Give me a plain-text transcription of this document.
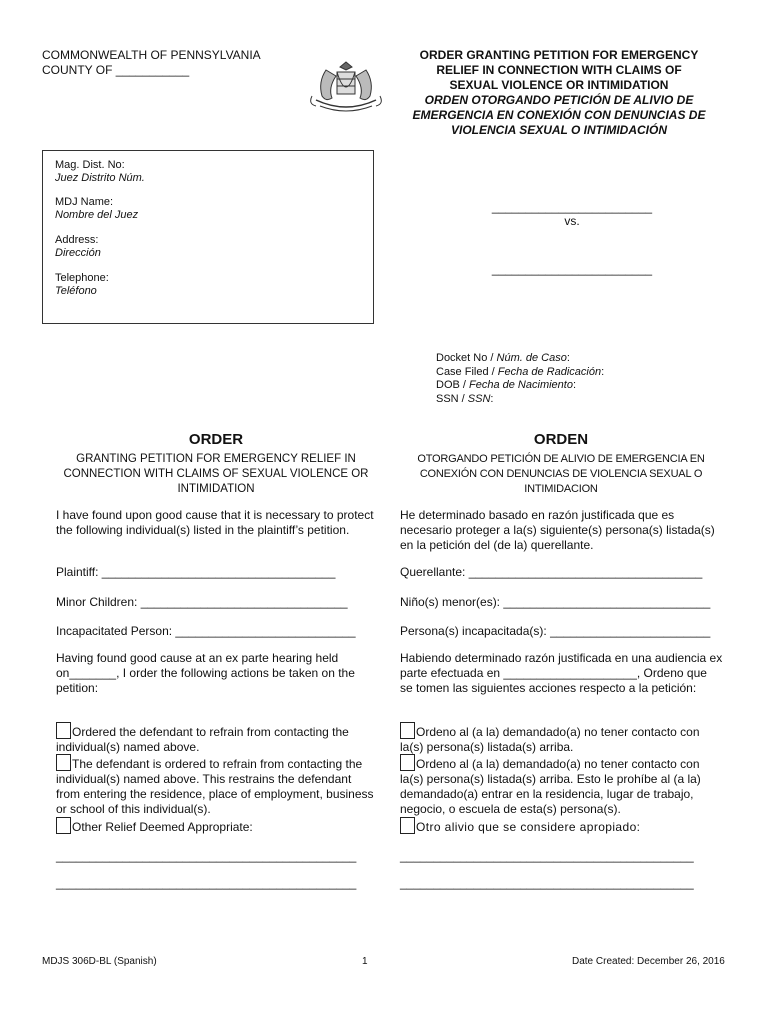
COMMONWEALTH OF PENNSYLVANIA
COUNTY OF ___________
ORDER GRANTING PETITION FOR EMERGENCY
RELIEF IN CONNECTION WITH CLAIMS OF
SEXUAL VIOLENCE OR INTIMIDATION
ORDEN OTORGANDO PETICIÓN DE ALIVIO DE
EMERGENCIA EN CONEXIÓN CON DENUNCIAS DE
VIOLENCIA SEXUAL O INTIMIDACIÓN
Mag. Dist. No:
Juez Distrito Núm.
MDJ Name:
Nombre del Juez
Address:
Dirección
Telephone:
Teléfono
________________________
vs.
________________________
Docket No / Núm. de Caso:
Case Filed / Fecha de Radicación:
DOB / Fecha de Nacimiento:
SSN / SSN:
ORDER
GRANTING PETITION FOR EMERGENCY RELIEF IN
CONNECTION WITH CLAIMS OF SEXUAL VIOLENCE OR
INTIMIDATION
I have found upon good cause that it is necessary to protect
the following individual(s) listed in the plaintiff’s petition.
Plaintiff: ___________________________________
Minor Children: _______________________________
Incapacitated Person: ___________________________
Having found good cause at an ex parte hearing held
on_______, I order the following actions be taken on the
petition:
Ordered the defendant to refrain from contacting the
individual(s) named above.
The defendant is ordered to refrain from contacting the
individual(s) named above. This restrains the defendant
from entering the residence, place of employment, business
or school of this individual(s).
Other Relief Deemed Appropriate:
_____________________________________________
_____________________________________________
ORDEN
OTORGANDO PETICIÓN DE ALIVIO DE EMERGENCIA EN
CONEXIÓN CON DENUNCIAS DE VIOLENCIA SEXUAL O
INTIMIDACION
He determinado basado en razón justificada que es
necesario proteger a la(s) siguiente(s) persona(s) listada(s)
en la petición del (de la) querellante.
Querellante: ___________________________________
Niño(s) menor(es): _______________________________
Persona(s) incapacitada(s): ________________________
Habiendo determinado razón justificada en una audiencia ex
parte efectuada en ____________________, Ordeno que
se tomen las siguientes acciones respecto a la petición:
Ordeno al (a la) demandado(a) no tener contacto con
la(s) persona(s) listada(s) arriba.
Ordeno al (a la) demandado(a) no tener contacto con
la(s) persona(s) listada(s) arriba. Esto le prohíbe al (a la)
demandado(a) entrar en la residencia, lugar de trabajo,
negocio, o escuela de esta(s) persona(s).
Otro alivio que se considere apropiado:
____________________________________________
____________________________________________
MDJS 306D-BL (Spanish)	1	Date Created: December 26, 2016
